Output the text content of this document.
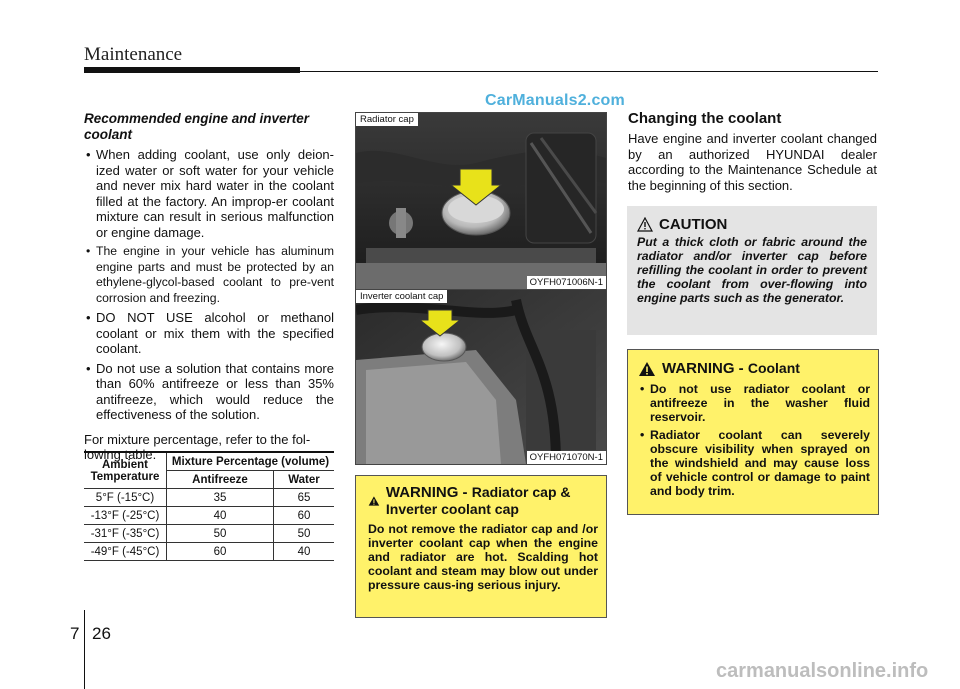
Maintenance
CarManuals2.com
Recommended engine and inverter coolant
• When adding coolant, use only deion-ized water or soft water for your vehicle and never mix hard water in the coolant filled at the factory. An improp-er coolant mixture can result in serious malfunction or engine damage.
• The engine in your vehicle has aluminum engine parts and must be protected by an ethylene-glycol-based coolant to pre-vent corrosion and freezing.
• DO NOT USE alcohol or methanol coolant or mix them with the specified coolant.
• Do not use a solution that contains more than 60% antifreeze or less than 35% antifreeze, which would reduce the effectiveness of the solution.
For mixture percentage, refer to the fol-lowing table.
Ambient Temperature	Mixture Percentage (volume)	
	Antifreeze	Water
5°F (-15°C)	35	65
-13°F (-25°C)	40	60
-31°F (-35°C)	50	50
-49°F (-45°C)	60	40
Radiator cap
OYFH071006N-1
Inverter coolant cap
OYFH071070N-1
WARNING - Radiator cap & Inverter coolant cap
Do not remove the radiator cap and /or inverter coolant cap when the engine and radiator are hot. Scalding hot coolant and steam may blow out under pressure caus-ing serious injury.
Changing the coolant
Have engine and inverter coolant changed by an authorized HYUNDAI dealer according to the Maintenance Schedule at the beginning of this section.
CAUTION
Put a thick cloth or fabric around the radiator and/or inverter cap before refilling the coolant in order to prevent the coolant from over-flowing into engine parts such as the generator.
WARNING - Coolant
• Do not use radiator coolant or antifreeze in the washer fluid reservoir.
• Radiator coolant can severely obscure visibility when sprayed on the windshield and may cause loss of vehicle control or damage to paint and body trim.
7 26
carmanualsonline.info
